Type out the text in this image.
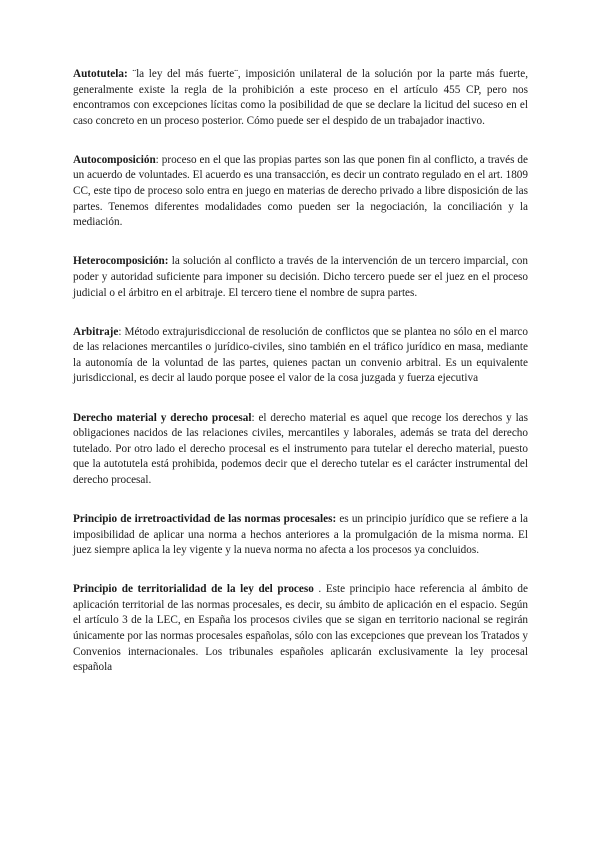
Autotutela: ¨la ley del más fuerte¨, imposición unilateral de la solución por la parte más fuerte, generalmente existe la regla de la prohibición a este proceso en el artículo 455 CP, pero nos encontramos con excepciones lícitas como la posibilidad de que se declare la licitud del suceso en el caso concreto en un proceso posterior. Cómo puede ser el despido de un trabajador inactivo.

Autocomposición: proceso en el que las propias partes son las que ponen fin al conflicto, a través de un acuerdo de voluntades. El acuerdo es una transacción, es decir un contrato regulado en el art. 1809 CC, este tipo de proceso solo entra en juego en materias de derecho privado a libre disposición de las partes. Tenemos diferentes modalidades como pueden ser la negociación, la conciliación y la mediación.

Heterocomposición: la solución al conflicto a través de la intervención de un tercero imparcial, con poder y autoridad suficiente para imponer su decisión. Dicho tercero puede ser el juez en el proceso judicial o el árbitro en el arbitraje. El tercero tiene el nombre de supra partes.

Arbitraje: Método extrajurisdiccional de resolución de conflictos que se plantea no sólo en el marco de las relaciones mercantiles o jurídico-civiles, sino también en el tráfico jurídico en masa, mediante la autonomía de la voluntad de las partes, quienes pactan un convenio arbitral. Es un equivalente jurisdiccional, es decir al laudo porque posee el valor de la cosa juzgada y fuerza ejecutiva

Derecho material y derecho procesal: el derecho material es aquel que recoge los derechos y las obligaciones nacidos de las relaciones civiles, mercantiles y laborales, además se trata del derecho tutelado. Por otro lado el derecho procesal es el instrumento para tutelar el derecho material, puesto que la autotutela está prohibida, podemos decir que el derecho tutelar es el carácter instrumental del derecho procesal.

Principio de irretroactividad de las normas procesales: es un principio jurídico que se refiere a la imposibilidad de aplicar una norma a hechos anteriores a la promulgación de la misma norma. El juez siempre aplica la ley vigente y la nueva norma no afecta a los procesos ya concluidos.

Principio de territorialidad de la ley del proceso . Este principio hace referencia al ámbito de aplicación territorial de las normas procesales, es decir, su ámbito de aplicación en el espacio. Según el artículo 3 de la LEC, en España los procesos civiles que se sigan en territorio nacional se regirán únicamente por las normas procesales españolas, sólo con las excepciones que prevean los Tratados y Convenios internacionales. Los tribunales españoles aplicarán exclusivamente la ley procesal española
